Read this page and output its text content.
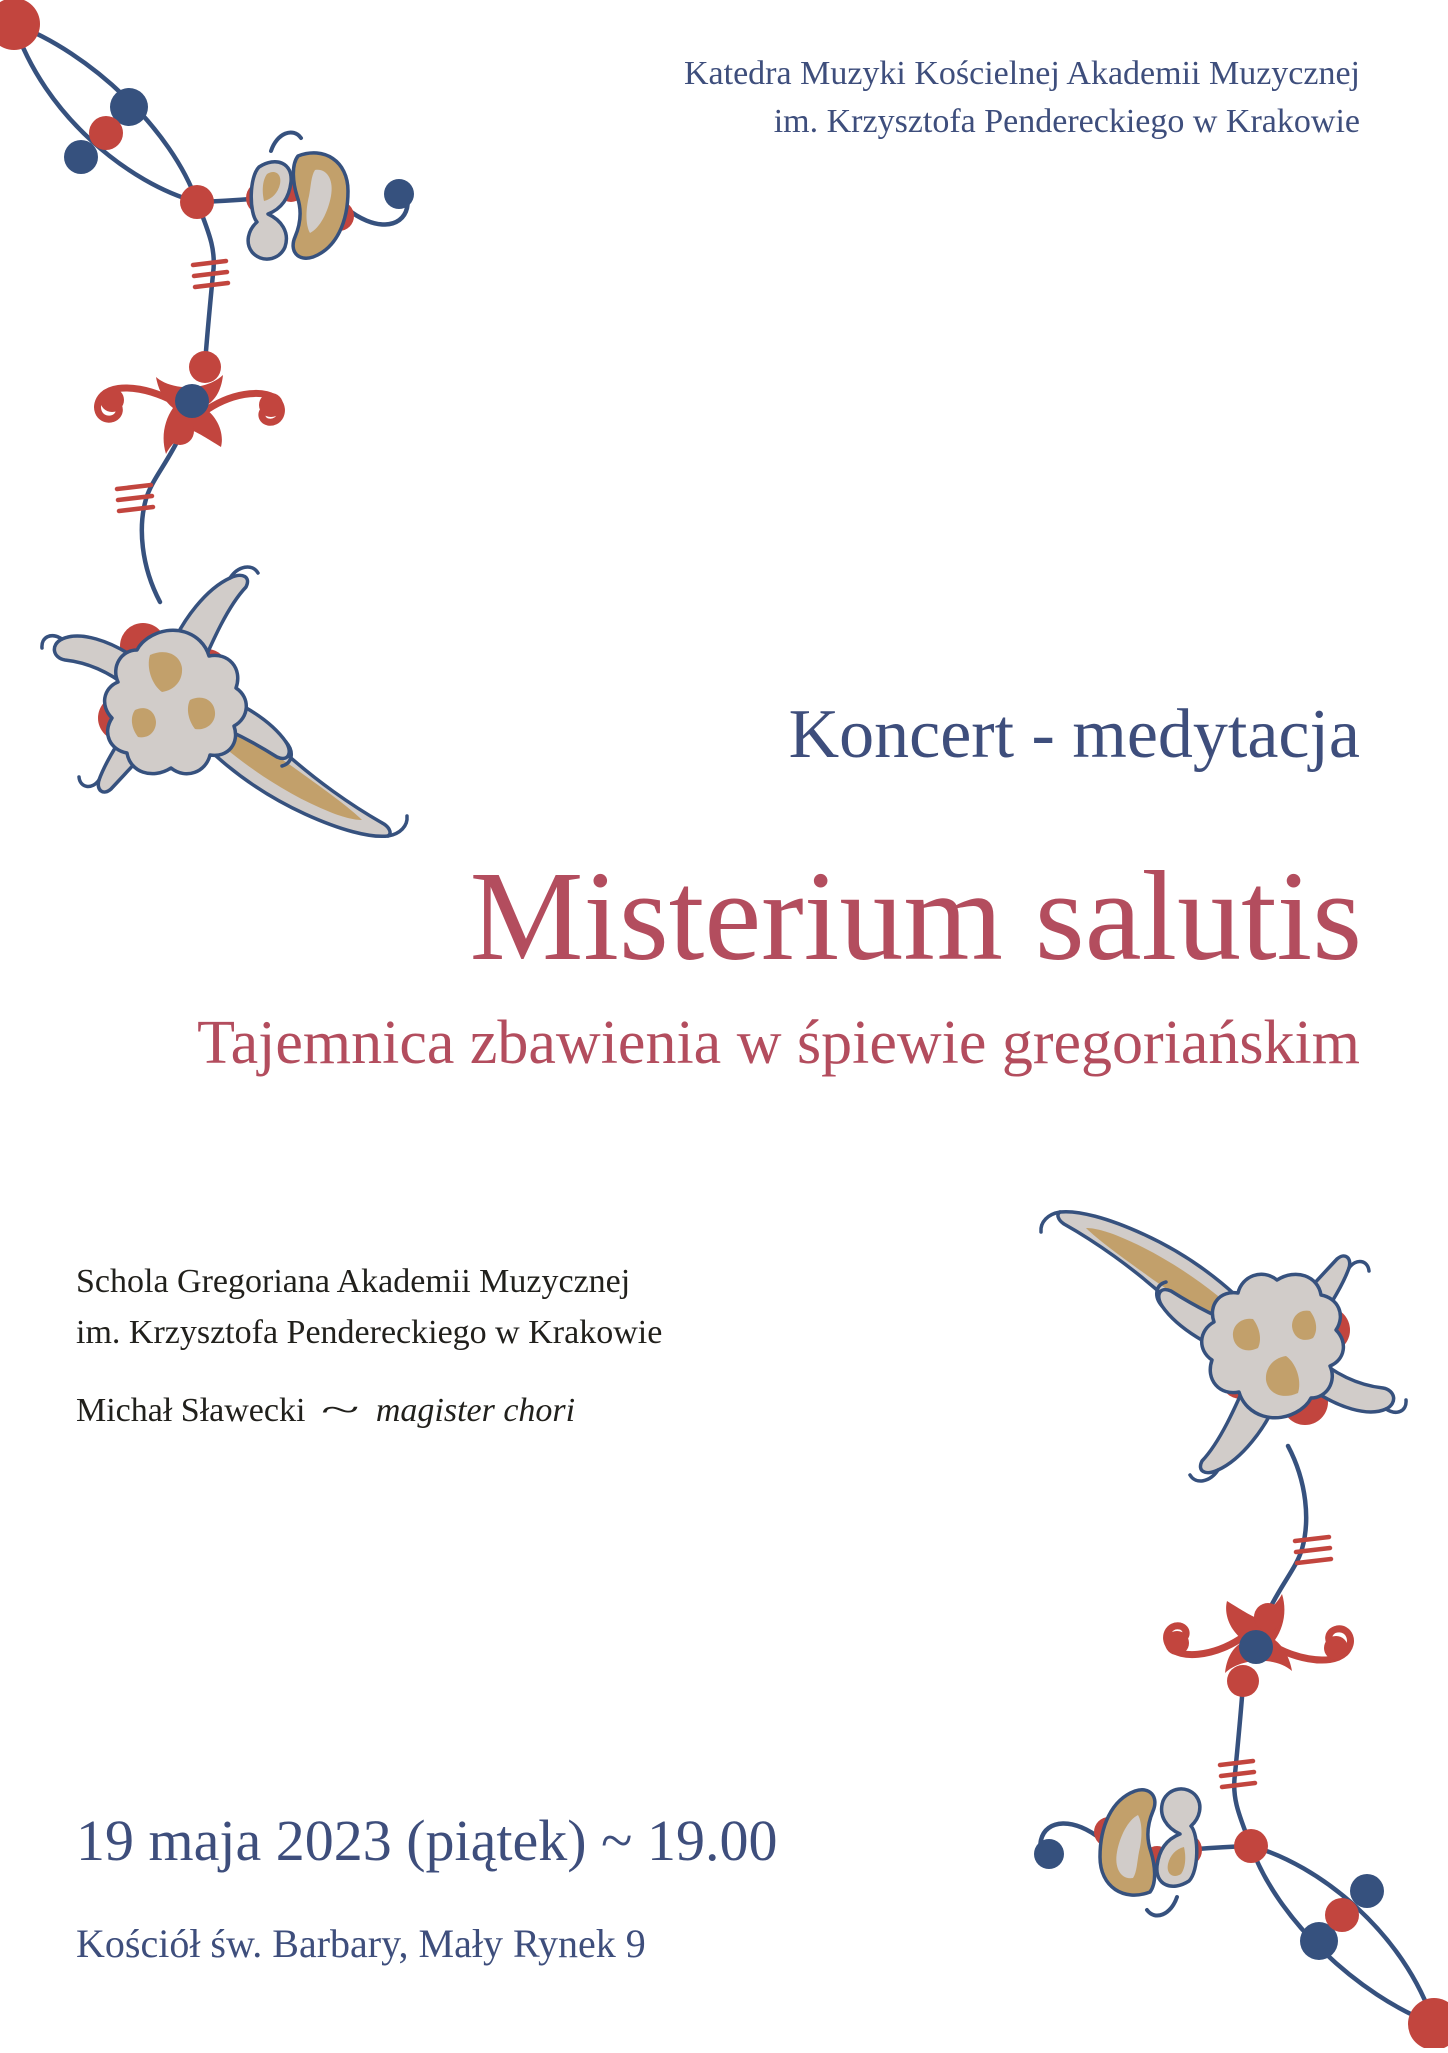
Katedra Muzyki Kościelnej Akademii Muzycznej
im. Krzysztofa Pendereckiego w Krakowie
Koncert - medytacja
Misterium salutis
Tajemnica zbawienia w śpiewie gregoriańskim
Schola Gregoriana Akademii Muzycznej
im. Krzysztofa Pendereckiego w Krakowie
Michał Sławecki ~ magister chori
19 maja 2023 (piątek) ~ 19.00
Kościół św. Barbary, Mały Rynek 9
